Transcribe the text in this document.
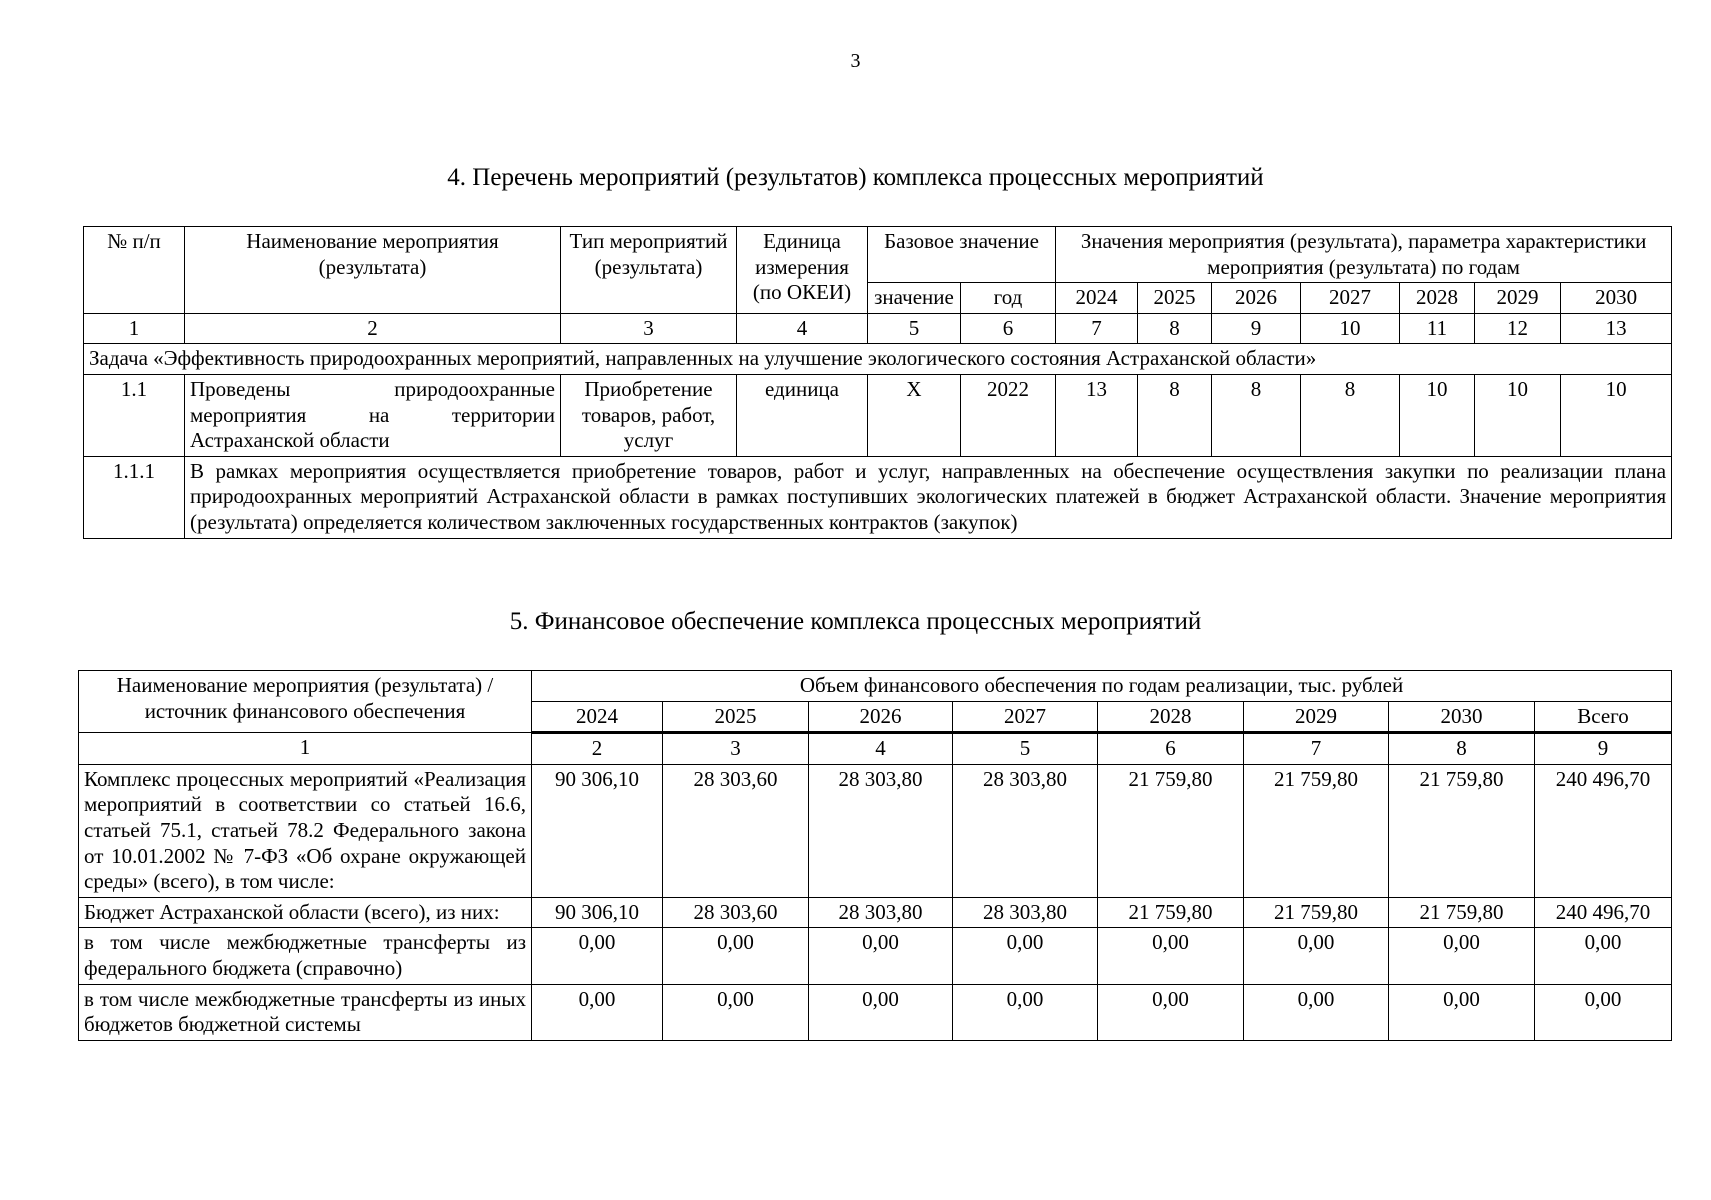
3
4. Перечень мероприятий (результатов) комплекса процессных мероприятий
№ п/п	Наименование мероприятия (результата)	Тип мероприятий (результата)	Единица измерения (по ОКЕИ)	Базовое значение		Значения мероприятия (результата), параметра характеристики мероприятия (результата) по годам						
				значение	год	2024	2025	2026	2027	2028	2029	2030
1	2	3	4	5	6	7	8	9	10	11	12	13
Задача «Эффективность природоохранных мероприятий, направленных на улучшение экологического состояния Астраханской области»												
1.1	Проведены природоохранные мероприятия на территории Астраханской области	Приобретение товаров, работ, услуг	единица	Х	2022	13	8	8	8	10	10	10
1.1.1	В рамках мероприятия осуществляется приобретение товаров, работ и услуг, направленных на обеспечение осуществления закупки по реализации плана природоохранных мероприятий Астраханской области в рамках поступивших экологических платежей в бюджет Астраханской области. Значение мероприятия (результата) определяется количеством заключенных государственных контрактов (закупок)											
5. Финансовое обеспечение комплекса процессных мероприятий
Наименование мероприятия (результата) / источник финансового обеспечения	Объем финансового обеспечения по годам реализации, тыс. рублей							
	2024	2025	2026	2027	2028	2029	2030	Всего
1	2	3	4	5	6	7	8	9
Комплекс процессных мероприятий «Реализация мероприятий в соответствии со статьей 16.6, статьей 75.1, статьей 78.2 Федерального закона от 10.01.2002 № 7-ФЗ «Об охране окружающей среды» (всего), в том числе:	90 306,10	28 303,60	28 303,80	28 303,80	21 759,80	21 759,80	21 759,80	240 496,70
Бюджет Астраханской области (всего), из них:	90 306,10	28 303,60	28 303,80	28 303,80	21 759,80	21 759,80	21 759,80	240 496,70
в том числе межбюджетные трансферты из федерального бюджета (справочно)	0,00	0,00	0,00	0,00	0,00	0,00	0,00	0,00
в том числе межбюджетные трансферты из иных бюджетов бюджетной системы	0,00	0,00	0,00	0,00	0,00	0,00	0,00	0,00
